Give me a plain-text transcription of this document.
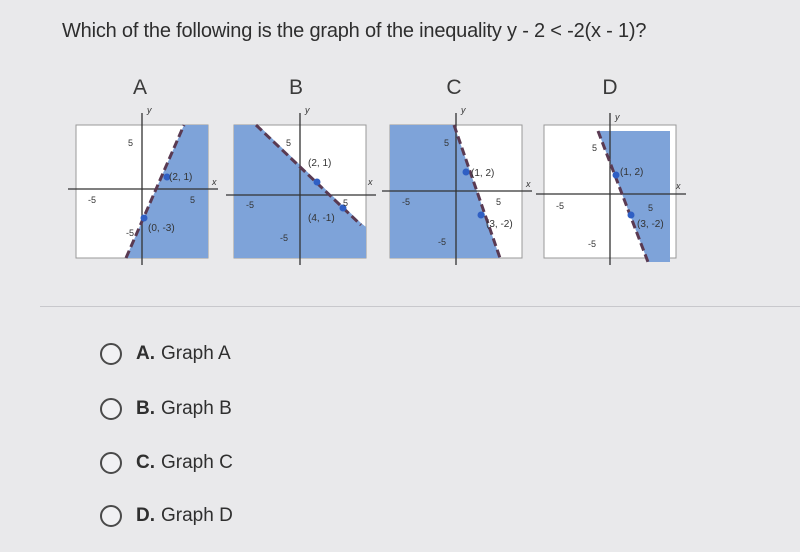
Which of the following is the graph of the inequality y - 2 < -2(x - 1)?
A	B	C	D
(2, 1)
(0, -3)
x
y
5
5
-5
-5
(2, 1)
(4, -1)
x
y
5
5
-5
-5
(1, 2)
(3, -2)
x
y
5
5
-5
-5
(1, 2)
(3, -2)
x
y
5
5
-5
-5
A. Graph A
B. Graph B
C. Graph C
D. Graph D
